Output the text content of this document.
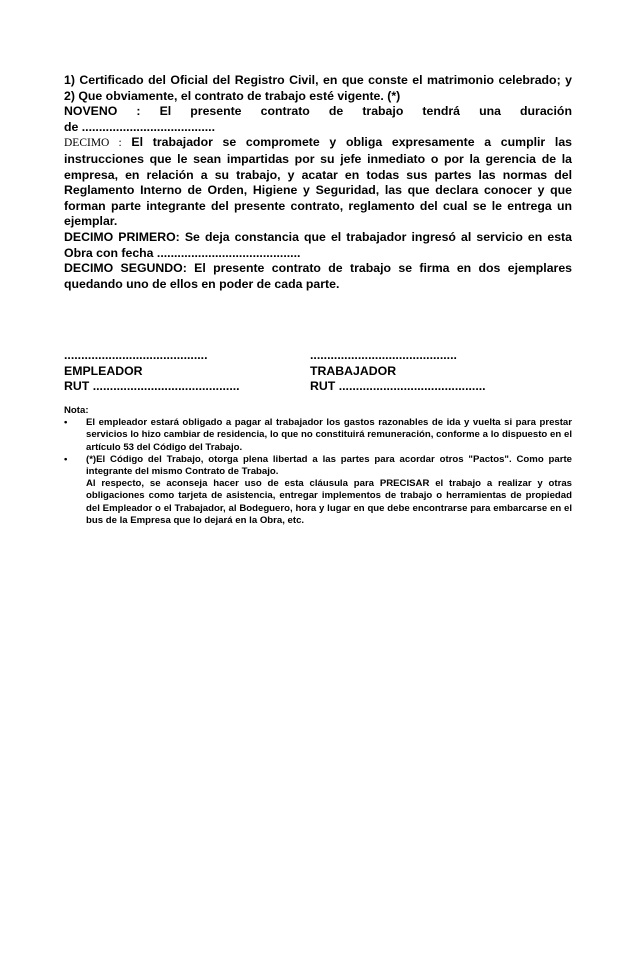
1) Certificado del Oficial del Registro Civil, en que conste el matrimonio celebrado; y 2) Que obviamente, el contrato de trabajo esté vigente. (*)

NOVENO : El presente contrato de trabajo tendrá una duración

de .......................................

DECIMO : El trabajador se compromete y obliga expresamente a cumplir las instrucciones que le sean impartidas por su jefe inmediato o por la gerencia de la empresa, en relación a su trabajo, y acatar en todas sus partes las normas del Reglamento Interno de Orden, Higiene y Seguridad, las que declara conocer y que forman parte integrante del presente contrato, reglamento del cual se le entrega un ejemplar.

DECIMO PRIMERO: Se deja constancia que el trabajador ingresó al servicio en esta Obra con fecha ..........................................

DECIMO SEGUNDO: El presente contrato de trabajo se firma en dos ejemplares quedando uno de ellos en poder de cada parte.

..........................................
EMPLEADOR
RUT ...........................................
...........................................
TRABAJADOR
RUT ...........................................

Nota:

• El empleador estará obligado a pagar al trabajador los gastos razonables de ida y vuelta si para prestar servicios lo hizo cambiar de residencia, lo que no constituirá remuneración, conforme a lo dispuesto en el artículo 53 del Código del Trabajo.

• (*)El Código del Trabajo, otorga plena libertad a las partes para acordar otros "Pactos". Como parte integrante del mismo Contrato de Trabajo.

Al respecto, se aconseja hacer uso de esta cláusula para PRECISAR el trabajo a realizar y otras obligaciones como tarjeta de asistencia, entregar implementos de trabajo o herramientas de propiedad del Empleador o el Trabajador, al Bodeguero, hora y lugar en que debe encontrarse para embarcarse en el bus de la Empresa que lo dejará en la Obra, etc.
